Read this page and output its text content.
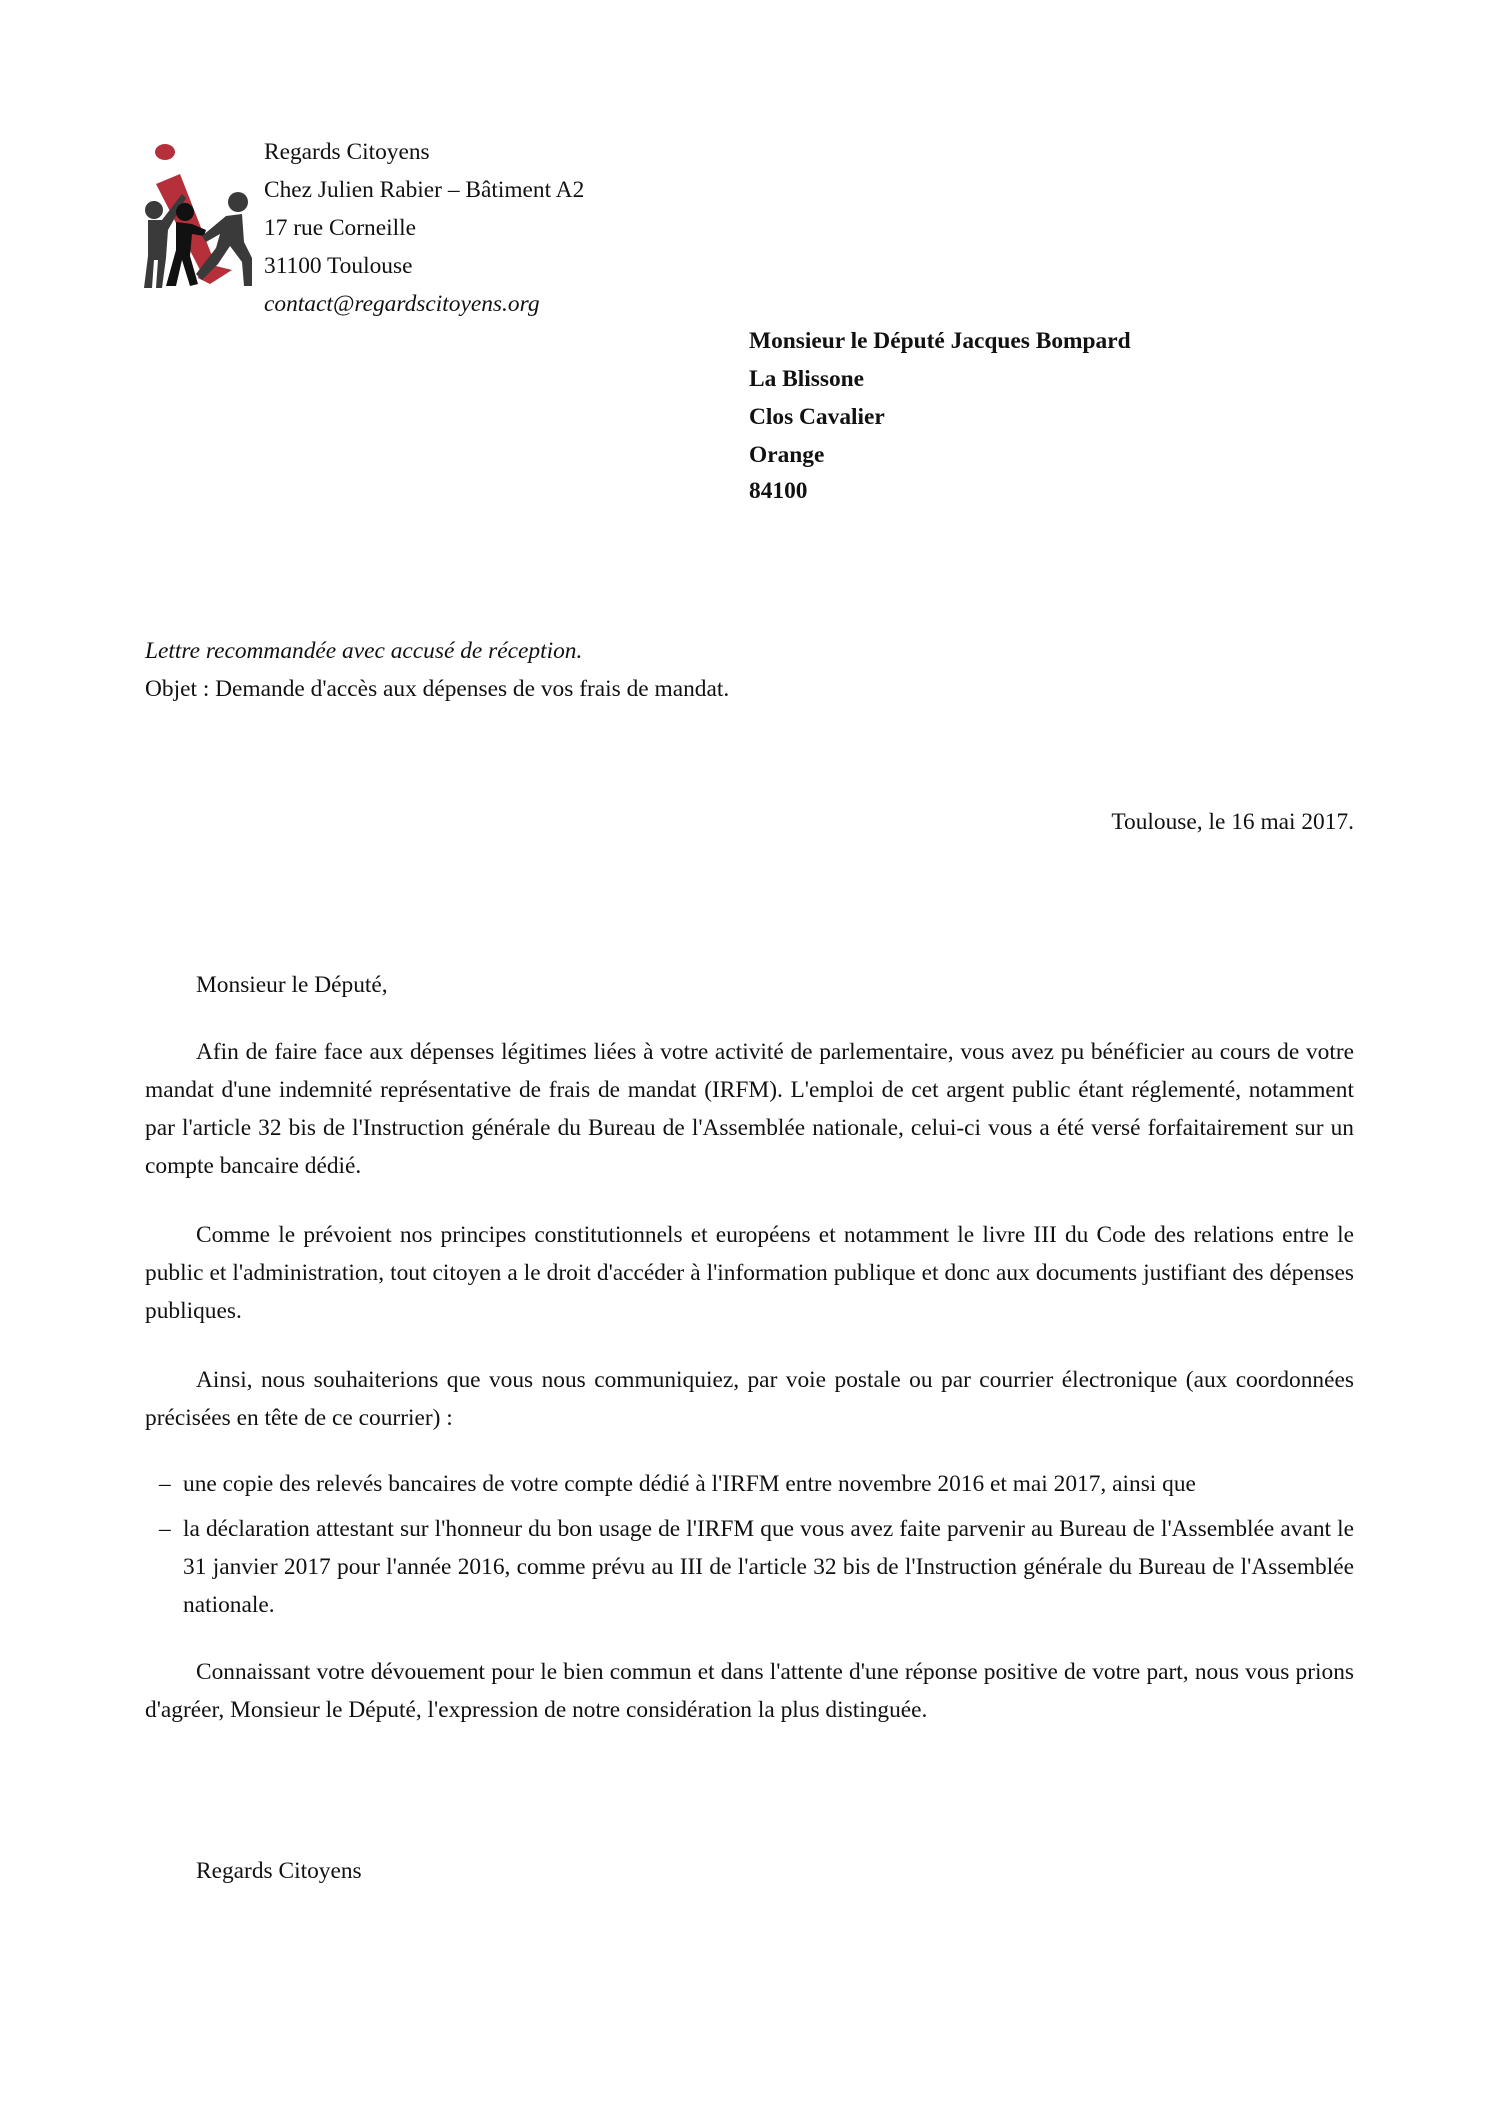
Regards Citoyens
Chez Julien Rabier – Bâtiment A2
17 rue Corneille
31100 Toulouse
contact@regardscitoyens.org
Monsieur le Député Jacques Bompard
La Blissone
Clos Cavalier
Orange
84100
Lettre recommandée avec accusé de réception.
Objet : Demande d'accès aux dépenses de vos frais de mandat.
Toulouse, le 16 mai 2017.
Monsieur le Député,

Afin de faire face aux dépenses légitimes liées à votre activité de parlementaire, vous avez pu bénéficier au cours de votre mandat d'une indemnité représentative de frais de mandat (IRFM). L'emploi de cet argent public étant réglementé, notamment par l'article 32 bis de l'Instruction générale du Bureau de l'Assemblée nationale, celui-ci vous a été versé forfaitairement sur un compte bancaire dédié.

Comme le prévoient nos principes constitutionnels et européens et notamment le livre III du Code des relations entre le public et l'administration, tout citoyen a le droit d'accéder à l'information publique et donc aux documents justifiant des dépenses publiques.

Ainsi, nous souhaiterions que vous nous communiquiez, par voie postale ou par courrier électronique (aux coordonnées précisées en tête de ce courrier) :

– une copie des relevés bancaires de votre compte dédié à l'IRFM entre novembre 2016 et mai 2017, ainsi que
– la déclaration attestant sur l'honneur du bon usage de l'IRFM que vous avez faite parvenir au Bureau de l'Assemblée avant le 31 janvier 2017 pour l'année 2016, comme prévu au III de l'article 32 bis de l'Instruction générale du Bureau de l'Assemblée nationale.

Connaissant votre dévouement pour le bien commun et dans l'attente d'une réponse positive de votre part, nous vous prions d'agréer, Monsieur le Député, l'expression de notre considération la plus distinguée.

Regards Citoyens
